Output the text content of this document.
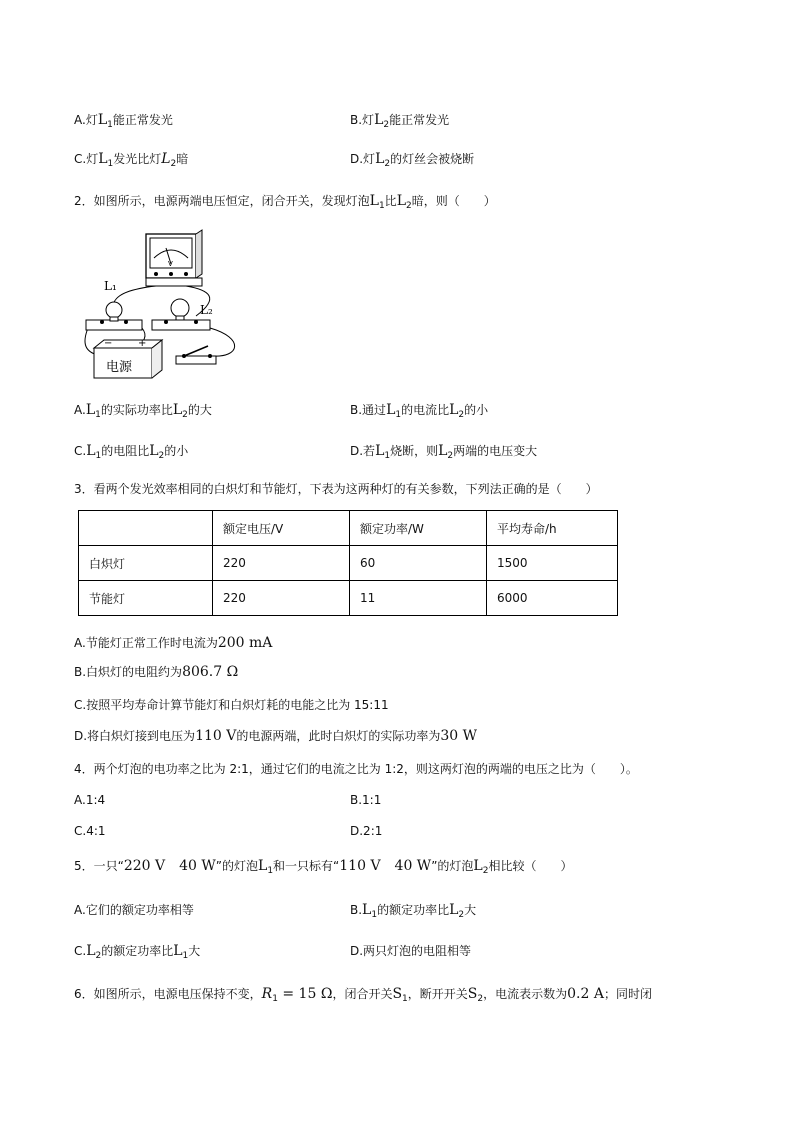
A.灯$L_1$能正常发光	B.灯$L_2$能正常发光
C.灯$L_1$发光比灯$L_2$暗	D.灯$L_2$的灯丝会被烧断
2．如图所示，电源两端电压恒定，闭合开关，发现灯泡$L_1$比$L_2$暗，则（　　）
V
L₁
L₂
−	+
电源
$A.L_1$的实际功率比$L_2$的大	B.通过$L_1$的电流比$L_2$的小
$C.L_1$的电阻比$L_2$的小	D.若$L_1$烧断，则$L_2$两端的电压变大
3．看两个发光效率相同的白炽灯和节能灯，下表为这两种灯的有关参数，下列法正确的是（　　）
	额定电压/V	额定功率/W	平均寿命/h
白炽灯	220	60	1500
节能灯	220	11	6000
A.节能灯正常工作时电流为200 mA
B.白炽灯的电阻约为806.7 Ω
C.按照平均寿命计算节能灯和白炽灯耗的电能之比为 15:11
D.将白炽灯接到电压为110 V的电源两端，此时白炽灯的实际功率为30 W
4．两个灯泡的电功率之比为 2:1，通过它们的电流之比为 1:2，则这两灯泡的两端的电压之比为（　　）。
A.1:4	B.1:1
C.4:1	D.2:1
5．一只“220 V　40 W”的灯泡$L_1$和一只标有“110 V　40 W”的灯泡$L_2$相比较（　　）
A.它们的额定功率相等	$B.L_1$的额定功率比$L_2$大
$C.L_2$的额定功率比$L_1$大	D.两只灯泡的电阻相等
6．如图所示，电源电压保持不变，$R_1 = 15$ Ω，闭合开关$S_1$，断开开关$S_2$，电流表示数为0.2 A；同时闭
